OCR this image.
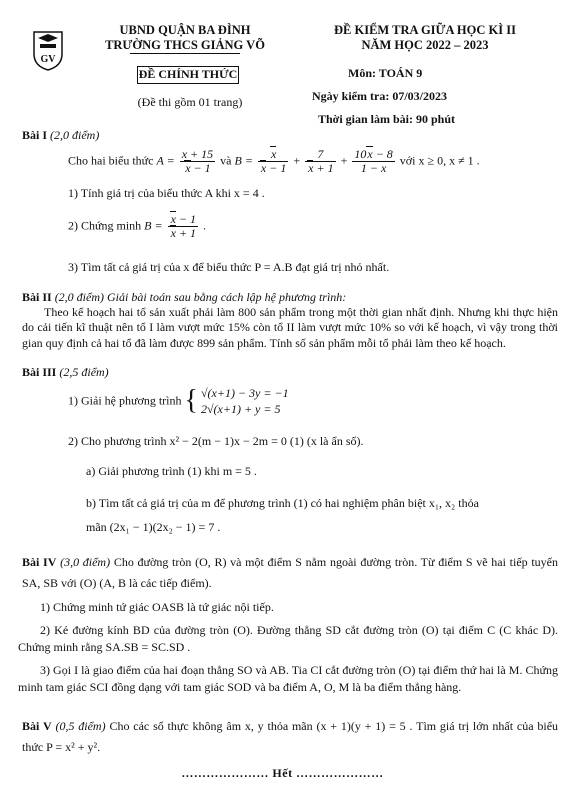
GV
UBND QUẬN BA ĐÌNH
TRƯỜNG THCS GIẢNG VÕ
ĐỀ CHÍNH THỨC
(Đề thi gồm 01 trang)
ĐỀ KIỂM TRA GIỮA HỌC KÌ II
NĂM HỌC 2022 – 2023
Môn: TOÁN 9
Ngày kiểm tra: 07/03/2023
Thời gian làm bài: 90 phút
Bài I (2,0 điểm)
Cho hai biểu thức $A = \frac{x + 15}{x - 1}$ và $B = \frac{x}{x - 1} + \frac{7}{x + 1} + \frac{10x - 8}{1 - x}$ với x ≥ 0, x ≠ 1 .
1) Tính giá trị của biểu thức A khi x = 4 .
2) Chứng minh $B = \frac{x - 1}{x + 1}$ .
3) Tìm tất cả giá trị của x để biểu thức P = A.B đạt giá trị nhỏ nhất.
Bài II (2,0 điểm) Giải bài toán sau bằng cách lập hệ phương trình:
Theo kế hoạch hai tổ sản xuất phải làm 800 sản phẩm trong một thời gian nhất định. Nhưng khi thực hiện do cải tiến kĩ thuật nên tổ I làm vượt mức 15% còn tổ II làm vượt mức 10% so với kế hoạch, vì vậy trong thời gian quy định cả hai tổ đã làm được 899 sản phẩm. Tính số sản phẩm mỗi tổ phải làm theo kế hoạch.
Bài III (2,5 điểm)
1) Giải hệ phương trình { √(x+1) − 3y = −1
2√(x+1) + y = 5
2) Cho phương trình x² − 2(m − 1)x − 2m = 0 (1) (x là ẩn số).
a) Giải phương trình (1) khi m = 5 .
b) Tìm tất cả giá trị của m để phương trình (1) có hai nghiệm phân biệt x₁, x₂ thỏa
mãn (2x₁ − 1)(2x₂ − 1) = 7 .
Bài IV (3,0 điểm) Cho đường tròn (O, R) và một điểm S nằm ngoài đường tròn. Từ điểm S vẽ hai tiếp tuyến SA, SB với (O) (A, B là các tiếp điểm).
1) Chứng minh tứ giác OASB là tứ giác nội tiếp.
2) Kẻ đường kính BD của đường tròn (O). Đường thẳng SD cắt đường tròn (O) tại điểm C (C khác D). Chứng minh rằng SA.SB = SC.SD .
3) Gọi I là giao điểm của hai đoạn thẳng SO và AB. Tia CI cắt đường tròn (O) tại điểm thứ hai là M. Chứng minh tam giác SCI đồng dạng với tam giác SOD và ba điểm A, O, M là ba điểm thẳng hàng.
Bài V (0,5 điểm) Cho các số thực không âm x, y thỏa mãn (x + 1)(y + 1) = 5 . Tìm giá trị lớn nhất của biểu thức P = x² + y².
………………… Hết …………………
